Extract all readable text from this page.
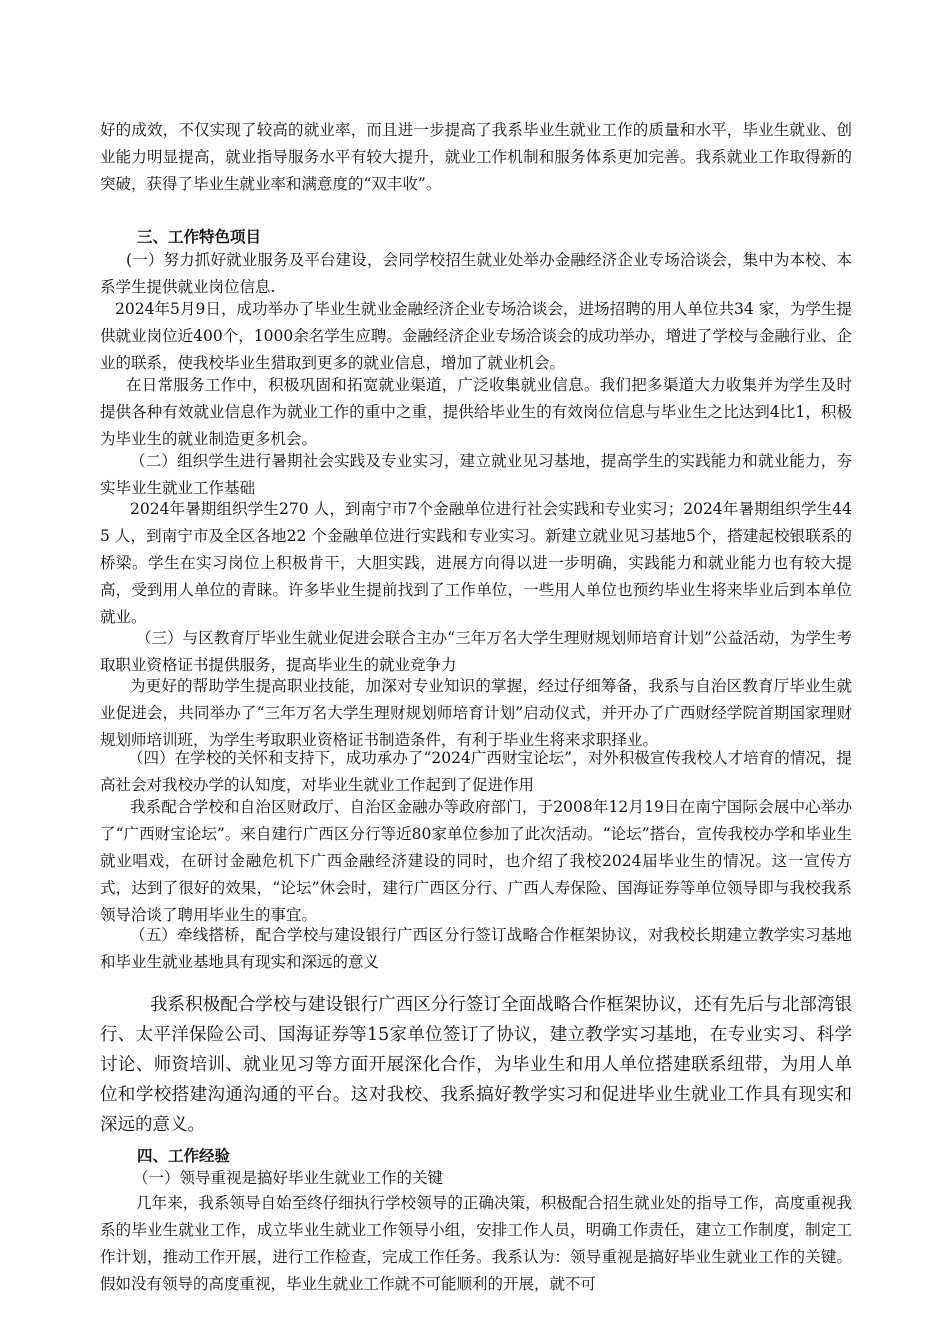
好的成效，不仅实现了较高的就业率，而且进一步提高了我系毕业生就业工作的质量和水平，毕业生就业、创业能力明显提高，就业指导服务水平有较大提升，就业工作机制和服务体系更加完善。我系就业工作取得新的突破，获得了毕业生就业率和满意度的“双丰收”。

三、工作特色项目

(一）努力抓好就业服务及平台建设，会同学校招生就业处举办金融经济企业专场洽谈会，集中为本校、本系学生提供就业岗位信息.

2024年5月9日，成功举办了毕业生就业金融经济企业专场洽谈会，进场招聘的用人单位共34 家，为学生提供就业岗位近400个，1000余名学生应聘。金融经济企业专场洽谈会的成功举办，增进了学校与金融行业、企业的联系，使我校毕业生猎取到更多的就业信息，增加了就业机会。

在日常服务工作中，积极巩固和拓宽就业渠道，广泛收集就业信息。我们把多渠道大力收集并为学生及时提供各种有效就业信息作为就业工作的重中之重，提供给毕业生的有效岗位信息与毕业生之比达到4比1，积极为毕业生的就业制造更多机会。

（二）组织学生进行暑期社会实践及专业实习，建立就业见习基地，提高学生的实践能力和就业能力，夯实毕业生就业工作基础

2024年暑期组织学生270 人，到南宁市7个金融单位进行社会实践和专业实习；2024年暑期组织学生445 人，到南宁市及全区各地22 个金融单位进行实践和专业实习。新建立就业见习基地5个，搭建起校银联系的桥梁。学生在实习岗位上积极肯干，大胆实践，进展方向得以进一步明确，实践能力和就业能力也有较大提高，受到用人单位的青睐。许多毕业生提前找到了工作单位，一些用人单位也预约毕业生将来毕业后到本单位就业。

（三）与区教育厅毕业生就业促进会联合主办“三年万名大学生理财规划师培育计划”公益活动，为学生考取职业资格证书提供服务，提高毕业生的就业竞争力

为更好的帮助学生提高职业技能，加深对专业知识的掌握，经过仔细筹备，我系与自治区教育厅毕业生就业促进会，共同举办了“三年万名大学生理财规划师培育计划”启动仪式，并开办了广西财经学院首期国家理财规划师培训班，为学生考取职业资格证书制造条件，有利于毕业生将来求职择业。

（四）在学校的关怀和支持下，成功承办了“2024广西财宝论坛”，对外积极宣传我校人才培育的情况，提高社会对我校办学的认知度，对毕业生就业工作起到了促进作用

我系配合学校和自治区财政厅、自治区金融办等政府部门，于2008年12月19日在南宁国际会展中心举办了“广西财宝论坛”。来自建行广西区分行等近80家单位参加了此次活动。“论坛”搭台，宣传我校办学和毕业生就业唱戏，在研讨金融危机下广西金融经济建设的同时，也介绍了我校2024届毕业生的情况。这一宣传方式，达到了很好的效果，“论坛”休会时，建行广西区分行、广西人寿保险、国海证券等单位领导即与我校我系领导洽谈了聘用毕业生的事宜。

（五）牵线搭桥，配合学校与建设银行广西区分行签订战略合作框架协议，对我校长期建立教学实习基地和毕业生就业基地具有现实和深远的意义

我系积极配合学校与建设银行广西区分行签订全面战略合作框架协议，还有先后与北部湾银行、太平洋保险公司、国海证券等15家单位签订了协议，建立教学实习基地，在专业实习、科学讨论、师资培训、就业见习等方面开展深化合作，为毕业生和用人单位搭建联系纽带，为用人单位和学校搭建沟通沟通的平台。这对我校、我系搞好教学实习和促进毕业生就业工作具有现实和深远的意义。

四、工作经验

（一）领导重视是搞好毕业生就业工作的关键

几年来，我系领导自始至终仔细执行学校领导的正确决策，积极配合招生就业处的指导工作，高度重视我系的毕业生就业工作，成立毕业生就业工作领导小组，安排工作人员，明确工作责任，建立工作制度，制定工作计划，推动工作开展，进行工作检查，完成工作任务。我系认为：领导重视是搞好毕业生就业工作的关键。假如没有领导的高度重视，毕业生就业工作就不可能顺利的开展，就不可
